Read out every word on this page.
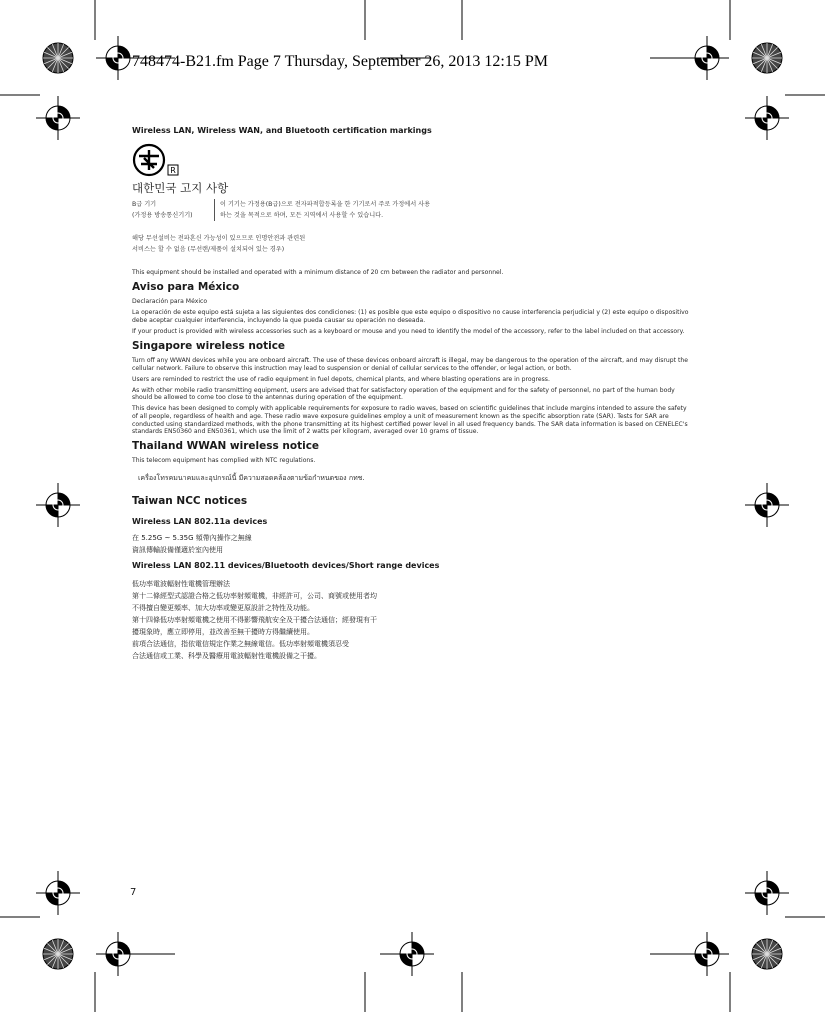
748474-B21.fm Page 7 Thursday, September 26, 2013 12:15 PM
Wireless LAN, Wireless WAN, and Bluetooth certification markings
R
대한민국 고지 사항
B급 기기
(가정용 방송통신기기)
이 기기는 가정용(B급)으로 전자파적합등록을 한 기기로서 주로 가정에서 사용하는 것을 목적으로 하며, 모든 지역에서 사용할 수 있습니다.
해당 무선설비는 전파혼신 가능성이 있으므로 인명안전과 관련된
서비스는 할 수 없음 (무선랜/제품이 설치되어 있는 경우)

This equipment should be installed and operated with a minimum distance of 20 cm between the radiator and personnel.

Aviso para México

Declaración para México

La operación de este equipo está sujeta a las siguientes dos condiciones: (1) es posible que este equipo o dispositivo no cause interferencia perjudicial y (2) este equipo o dispositivo debe aceptar cualquier interferencia, incluyendo la que pueda causar su operación no deseada.

If your product is provided with wireless accessories such as a keyboard or mouse and you need to identify the model of the accessory, refer to the label included on that accessory.

Singapore wireless notice

Turn off any WWAN devices while you are onboard aircraft. The use of these devices onboard aircraft is illegal, may be dangerous to the operation of the aircraft, and may disrupt the cellular network. Failure to observe this instruction may lead to suspension or denial of cellular services to the offender, or legal action, or both.

Users are reminded to restrict the use of radio equipment in fuel depots, chemical plants, and where blasting operations are in progress.

As with other mobile radio transmitting equipment, users are advised that for satisfactory operation of the equipment and for the safety of personnel, no part of the human body should be allowed to come too close to the antennas during operation of the equipment.

This device has been designed to comply with applicable requirements for exposure to radio waves, based on scientific guidelines that include margins intended to assure the safety of all people, regardless of health and age. These radio wave exposure guidelines employ a unit of measurement known as the specific absorption rate (SAR). Tests for SAR are conducted using standardized methods, with the phone transmitting at its highest certified power level in all used frequency bands. The SAR data information is based on CENELEC's standards EN50360 and EN50361, which use the limit of 2 watts per kilogram, averaged over 10 grams of tissue.

Thailand WWAN wireless notice

This telecom equipment has complied with NTC regulations.

เครื่องโทรคมนาคมและอุปกรณ์นี้ มีความสอดคล้องตามข้อกำหนดของ กทช.
Taiwan NCC notices
Wireless LAN 802.11a devices

在 5.25G ~ 5.35G 頻帶內操作之無線

資訊傳輸設備僅適於室內使用

Wireless LAN 802.11 devices/Bluetooth devices/Short range devices

低功率電波輻射性電機管理辦法

第十二條經型式認證合格之低功率射頻電機，非經許可，公司、商號或使用者均

不得擅自變更頻率、加大功率或變更原設計之特性及功能。

第十四條低功率射頻電機之使用不得影響飛航安全及干擾合法通信；經發現有干

擾現象時，應立即停用，並改善至無干擾時方得繼續使用。

前項合法通信，指依電信規定作業之無線電信。低功率射頻電機須忍受

合法通信或工業、科學及醫療用電波輻射性電機設備之干擾。

7
